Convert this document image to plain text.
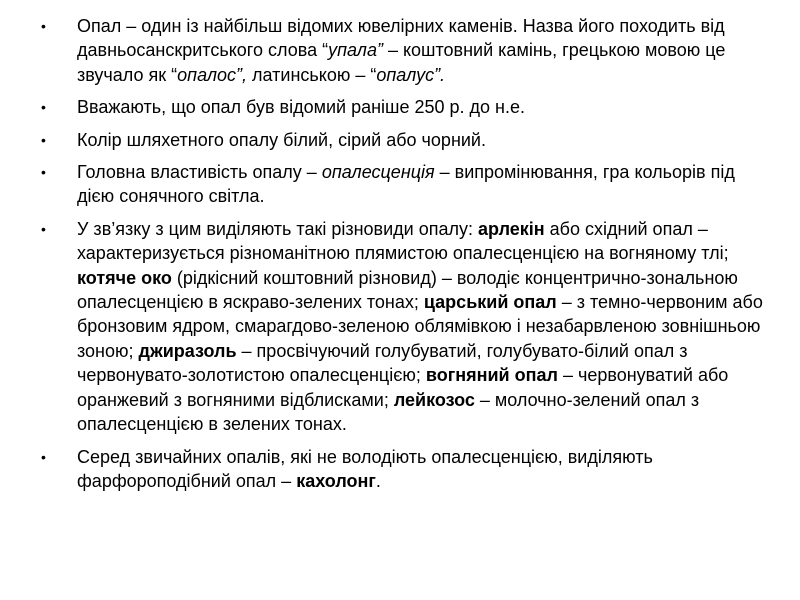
• Опал – один із найбільш відомих ювелірних каменів. Назва його походить від давньосанскритського слова “упала” – коштовний камінь, грецькою мовою це звучало як “опалос”, латинською – “опалус”.
• Вважають, що опал був відомий раніше 250 р. до н.е.
• Колір шляхетного опалу білий, сірий або чорний.
• Головна властивість опалу – опалесценція – випромінювання, гра кольорів під дією сонячного світла.
• У зв’язку з цим виділяють такі різновиди опалу: арлекін або східний опал – характеризується різноманітною плямистою опалесценцією на вогняному тлі; котяче око (рідкісний коштовний різновид) – володіє концентрично-зональною опалесценцією в яскраво-зелених тонах; царський опал – з темно-червоним або бронзовим ядром, смарагдово-зеленою облямівкою і незабарвленою зовнішньою зоною; джиразоль – просвічуючий голубуватий, голубувато-білий опал з червонувато-золотистою опалесценцією; вогняний опал – червонуватий або оранжевий з вогняними відблисками; лейкозос – молочно-зелений опал з опалесценцією в зелених тонах.
• Серед звичайних опалів, які не володіють опалесценцією, виділяють фарфороподібний опал – кахолонг.
